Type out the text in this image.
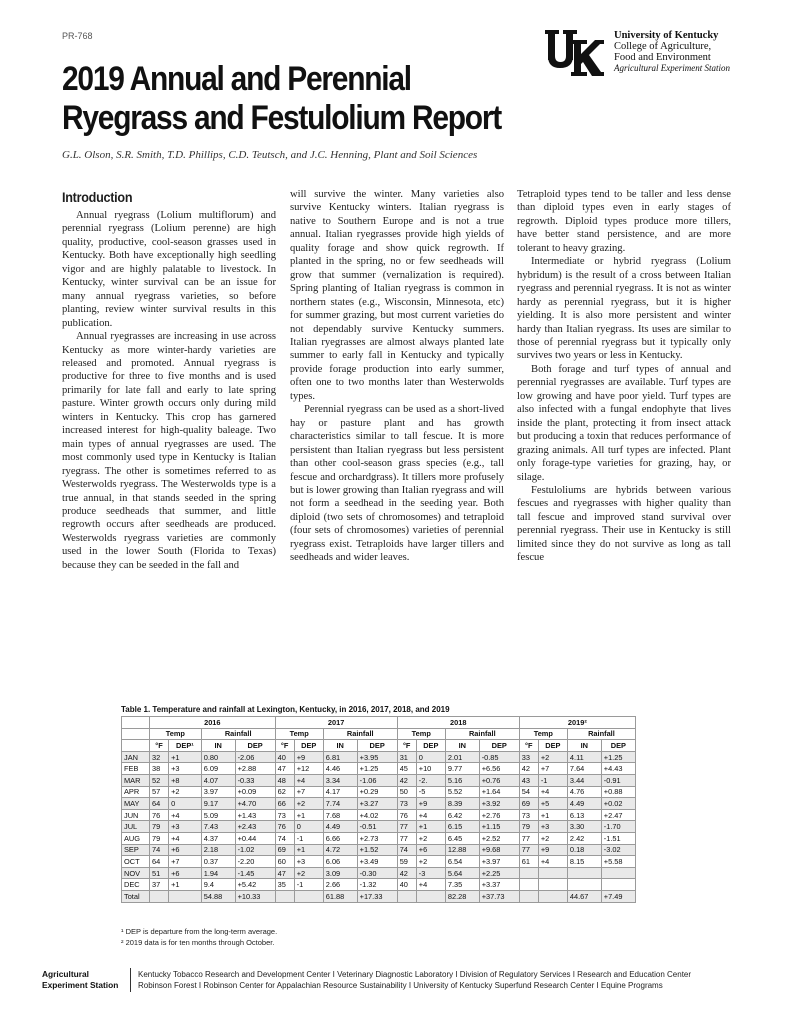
PR-768
2019 Annual and Perennial
Ryegrass and Festulolium Report
G.L. Olson, S.R. Smith, T.D. Phillips, C.D. Teutsch, and J.C. Henning, Plant and Soil Sciences
University of Kentucky
College of Agriculture,
Food and Environment
Agricultural Experiment Station
Introduction

Annual ryegrass (Lolium multiflorum) and perennial ryegrass (Lolium perenne) are high quality, productive, cool-season grasses used in Kentucky. Both have exceptionally high seedling vigor and are highly palatable to livestock. In Kentucky, winter survival can be an issue for many annual ryegrass varieties, so before planting, review winter survival results in this publication.

Annual ryegrasses are increasing in use across Kentucky as more winter-hardy varieties are released and promoted. Annual ryegrass is productive for three to five months and is used primarily for late fall and early to late spring pasture. Winter growth occurs only during mild winters in Kentucky. This crop has garnered increased interest for high-quality baleage. Two main types of annual ryegrasses are used. The most commonly used type in Kentucky is Italian ryegrass. The other is sometimes referred to as Westerwolds ryegrass. The Westerwolds type is a true annual, in that stands seeded in the spring produce seedheads that summer, and little regrowth occurs after seedheads are produced. Westerwolds ryegrass varieties are commonly used in the lower South (Florida to Texas) because they can be seeded in the fall and

will survive the winter. Many varieties also survive Kentucky winters. Italian ryegrass is native to Southern Europe and is not a true annual. Italian ryegrasses provide high yields of quality forage and show quick regrowth. If planted in the spring, no or few seedheads will grow that summer (vernalization is required). Spring planting of Italian ryegrass is common in northern states (e.g., Wisconsin, Minnesota, etc) for summer grazing, but most current varieties do not dependably survive Kentucky summers. Italian ryegrasses are almost always planted late summer to early fall in Kentucky and typically provide forage production into early summer, often one to two months later than Westerwolds types.

Perennial ryegrass can be used as a short-lived hay or pasture plant and has growth characteristics similar to tall fescue. It is more persistent than Italian ryegrass but less persistent than other cool-season grass species (e.g., tall fescue and orchardgrass). It tillers more profusely but is lower growing than Italian ryegrass and will not form a seedhead in the seeding year. Both diploid (two sets of chromosomes) and tetraploid (four sets of chromosomes) varieties of perennial ryegrass exist. Tetraploids have larger tillers and seedheads and wider leaves.

Tetraploid types tend to be taller and less dense than diploid types even in early stages of regrowth. Diploid types produce more tillers, have better stand persistence, and are more tolerant to heavy grazing.

Intermediate or hybrid ryegrass (Lolium hybridum) is the result of a cross between Italian ryegrass and perennial ryegrass. It is not as winter hardy as perennial ryegrass, but it is higher yielding. It is also more persistent and winter hardy than Italian ryegrass. Its uses are similar to those of perennial ryegrass but it typically only survives two years or less in Kentucky.

Both forage and turf types of annual and perennial ryegrasses are available. Turf types are low growing and have poor yield. Turf types are also infected with a fungal endophyte that lives inside the plant, protecting it from insect attack but producing a toxin that reduces performance of grazing animals. All turf types are infected. Plant only forage-type varieties for grazing, hay, or silage.

Festuloliums are hybrids between various fescues and ryegrasses with higher quality than tall fescue and improved stand survival over perennial ryegrass. Their use in Kentucky is still limited since they do not survive as long as tall fescue

Table 1. Temperature and rainfall at Lexington, Kentucky, in 2016, 2017, 2018, and 2019
	2016				2017				2018				2019²			
	Temp		Rainfall		Temp		Rainfall		Temp		Rainfall		Temp		Rainfall	
	°F	DEP¹	IN	DEP	°F	DEP	IN	DEP	°F	DEP	IN	DEP	°F	DEP	IN	DEP
JAN	32	+1	0.80	-2.06	40	+9	6.81	+3.95	31	0	2.01	-0.85	33	+2	4.11	+1.25
FEB	38	+3	6.09	+2.88	47	+12	4.46	+1.25	45	+10	9.77	+6.56	42	+7	7.64	+4.43
MAR	52	+8	4.07	-0.33	48	+4	3.34	-1.06	42	-2.	5.16	+0.76	43	-1	3.44	-0.91
APR	57	+2	3.97	+0.09	62	+7	4.17	+0.29	50	-5	5.52	+1.64	54	+4	4.76	+0.88
MAY	64	0	9.17	+4.70	66	+2	7.74	+3.27	73	+9	8.39	+3.92	69	+5	4.49	+0.02
JUN	76	+4	5.09	+1.43	73	+1	7.68	+4.02	76	+4	6.42	+2.76	73	+1	6.13	+2.47
JUL	79	+3	7.43	+2.43	76	0	4.49	-0.51	77	+1	6.15	+1.15	79	+3	3.30	-1.70
AUG	79	+4	4.37	+0.44	74	-1	6.66	+2.73	77	+2	6.45	+2.52	77	+2	2.42	-1.51
SEP	74	+6	2.18	-1.02	69	+1	4.72	+1.52	74	+6	12.88	+9.68	77	+9	0.18	-3.02
OCT	64	+7	0.37	-2.20	60	+3	6.06	+3.49	59	+2	6.54	+3.97	61	+4	8.15	+5.58
NOV	51	+6	1.94	-1.45	47	+2	3.09	-0.30	42	-3	5.64	+2.25				
DEC	37	+1	9.4	+5.42	35	-1	2.66	-1.32	40	+4	7.35	+3.37				
Total			54.88	+10.33			61.88	+17.33			82.28	+37.73			44.67	+7.49
¹ DEP is departure from the long-term average.
² 2019 data is for ten months through October.
Agricultural
Experiment Station
Kentucky Tobacco Research and Development Center I Veterinary Diagnostic Laboratory I Division of Regulatory Services I Research and Education Center
Robinson Forest I Robinson Center for Appalachian Resource Sustainability I University of Kentucky Superfund Research Center I Equine Programs
